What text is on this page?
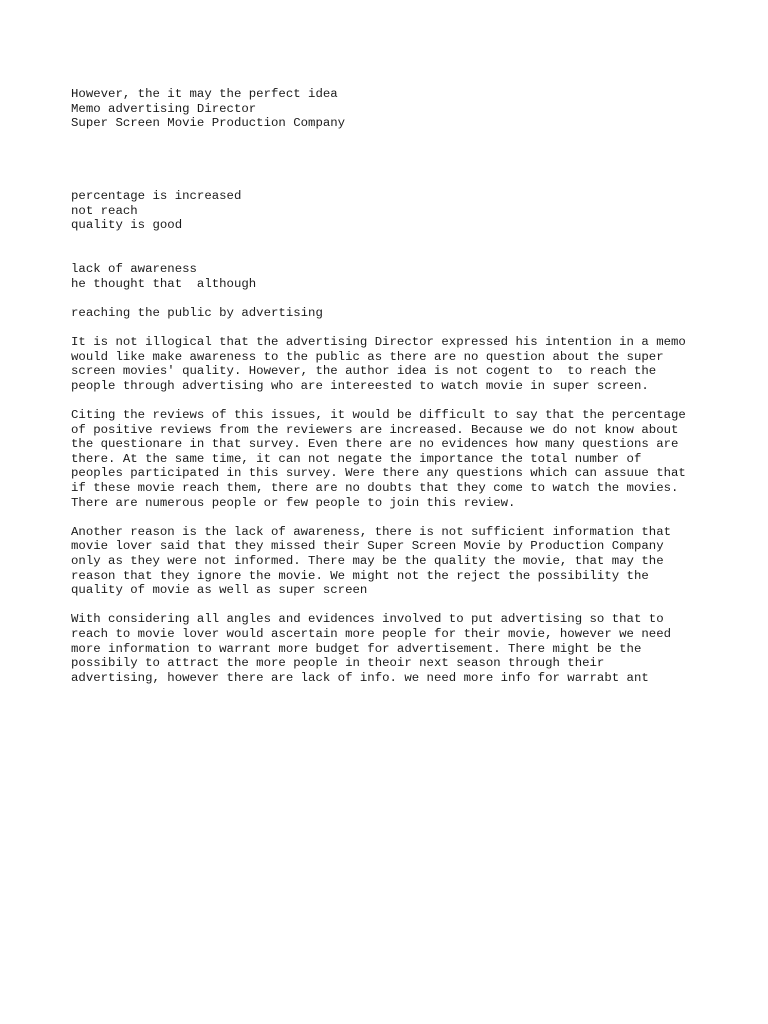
However, the it may the perfect idea
Memo advertising Director
Super Screen Movie Production Company
percentage is increased
not reach
quality is good
lack of awareness
he thought that  although
reaching the public by advertising
It is not illogical that the advertising Director expressed his intention in a memo
would like make awareness to the public as there are no question about the super
screen movies' quality. However, the author idea is not cogent to  to reach the
people through advertising who are intereested to watch movie in super screen.
Citing the reviews of this issues, it would be difficult to say that the percentage
of positive reviews from the reviewers are increased. Because we do not know about
the questionare in that survey. Even there are no evidences how many questions are
there. At the same time, it can not negate the importance the total number of
peoples participated in this survey. Were there any questions which can assuue that
if these movie reach them, there are no doubts that they come to watch the movies.
There are numerous people or few people to join this review.
Another reason is the lack of awareness, there is not sufficient information that
movie lover said that they missed their Super Screen Movie by Production Company
only as they were not informed. There may be the quality the movie, that may the
reason that they ignore the movie. We might not the reject the possibility the
quality of movie as well as super screen
With considering all angles and evidences involved to put advertising so that to
reach to movie lover would ascertain more people for their movie, however we need
more information to warrant more budget for advertisement. There might be the
possibily to attract the more people in theoir next season through their
advertising, however there are lack of info. we need more info for warrabt ant
